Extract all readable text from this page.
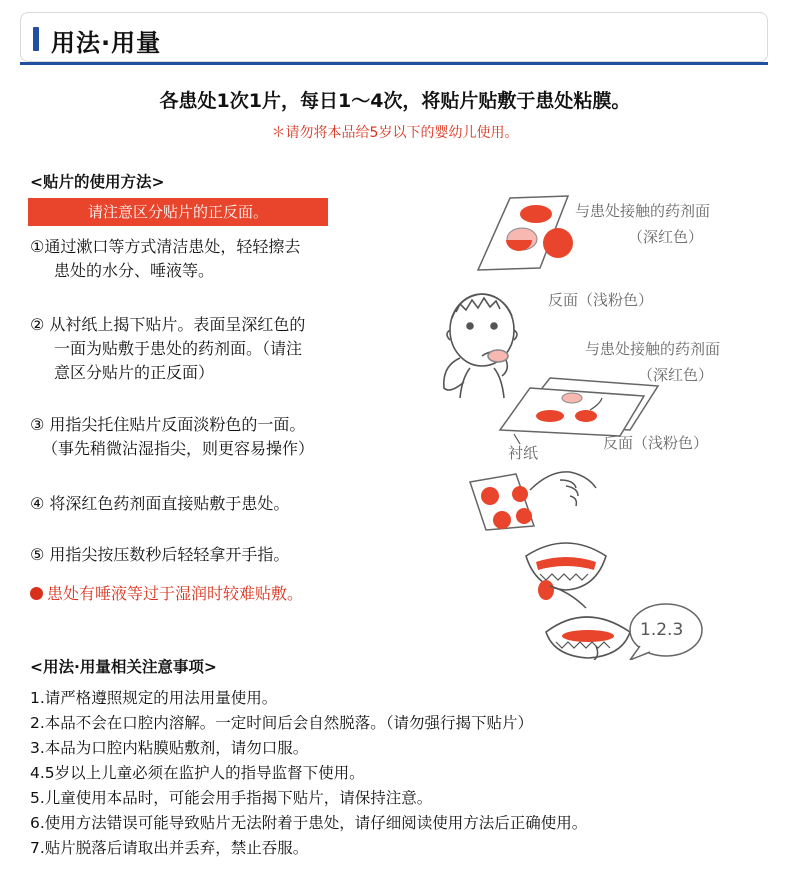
用法·用量
各患处1次1片，每日1～4次，将贴片贴敷于患处粘膜。
＊请勿将本品给5岁以下的婴幼儿使用。
<贴片的使用方法>
请注意区分贴片的正反面。
①通过漱口等方式清洁患处，轻轻擦去
患处的水分、唾液等。
② 从衬纸上揭下贴片。表面呈深红色的
一面为贴敷于患处的药剂面。（请注
意区分贴片的正反面）
③ 用指尖托住贴片反面淡粉色的一面。
（事先稍微沾湿指尖，则更容易操作）
④ 将深红色药剂面直接贴敷于患处。
⑤ 用指尖按压数秒后轻轻拿开手指。
患处有唾液等过于湿润时较难贴敷。
与患处接触的药剂面
（深红色）
反面（浅粉色）
与患处接触的药剂面
（深红色）
衬纸
反面（浅粉色）
1.2.3
<用法·用量相关注意事项>
1.请严格遵照规定的用法用量使用。
2.本品不会在口腔内溶解。一定时间后会自然脱落。（请勿强行揭下贴片）
3.本品为口腔内粘膜贴敷剂，请勿口服。
4.5岁以上儿童必须在监护人的指导监督下使用。
5.儿童使用本品时，可能会用手指揭下贴片，请保持注意。
6.使用方法错误可能导致贴片无法附着于患处，请仔细阅读使用方法后正确使用。
7.贴片脱落后请取出并丢弃，禁止吞服。
